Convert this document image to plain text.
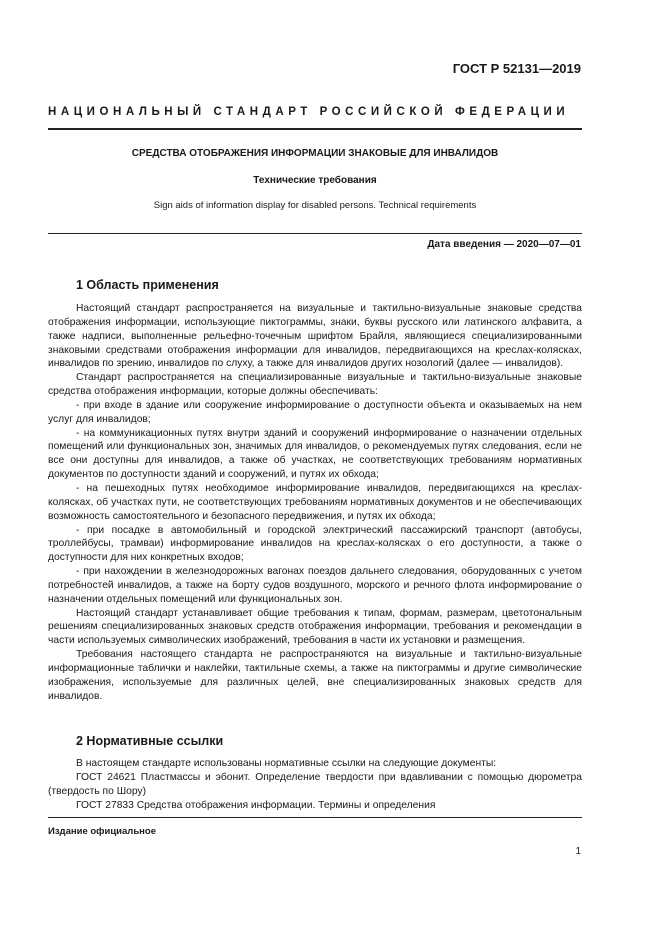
ГОСТ Р 52131—2019
НАЦИОНАЛЬНЫЙ СТАНДАРТ РОССИЙСКОЙ ФЕДЕРАЦИИ
СРЕДСТВА ОТОБРАЖЕНИЯ ИНФОРМАЦИИ ЗНАКОВЫЕ ДЛЯ ИНВАЛИДОВ
Технические требования
Sign aids of information display for disabled persons. Technical requirements
Дата введения — 2020—07—01
1 Область применения

Настоящий стандарт распространяется на визуальные и тактильно-визуальные знаковые средства отображения информации, использующие пиктограммы, знаки, буквы русского или латинского алфавита, а также надписи, выполненные рельефно-точечным шрифтом Брайля, являющиеся специализированными знаковыми средствами отображения информации для инвалидов, передвигающихся на креслах-колясках, инвалидов по зрению, инвалидов по слуху, а также для инвалидов других нозологий (далее — инвалидов).

Стандарт распространяется на специализированные визуальные и тактильно-визуальные знаковые средства отображения информации, которые должны обеспечивать:

- при входе в здание или сооружение информирование о доступности объекта и оказываемых на нем услуг для инвалидов;

- на коммуникационных путях внутри зданий и сооружений информирование о назначении отдельных помещений или функциональных зон, значимых для инвалидов, о рекомендуемых путях следования, если не все они доступны для инвалидов, а также об участках, не соответствующих требованиям нормативных документов по доступности зданий и сооружений, и путях их обхода;

- на пешеходных путях необходимое информирование инвалидов, передвигающихся на креслах-колясках, об участках пути, не соответствующих требованиям нормативных документов и не обеспечивающих возможность самостоятельного и безопасного передвижения, и путях их обхода;

- при посадке в автомобильный и городской электрический пассажирский транспорт (автобусы, троллейбусы, трамваи) информирование инвалидов на креслах-колясках о его доступности, а также о доступности для них конкретных входов;

- при нахождении в железнодорожных вагонах поездов дальнего следования, оборудованных с учетом потребностей инвалидов, а также на борту судов воздушного, морского и речного флота информирование о назначении отдельных помещений или функциональных зон.

Настоящий стандарт устанавливает общие требования к типам, формам, размерам, цветотональным решениям специализированных знаковых средств отображения информации, требования и рекомендации в части используемых символических изображений, требования в части их установки и размещения.

Требования настоящего стандарта не распространяются на визуальные и тактильно-визуальные информационные таблички и наклейки, тактильные схемы, а также на пиктограммы и другие символические изображения, используемые для различных целей, вне специализированных знаковых средств для инвалидов.

2 Нормативные ссылки

В настоящем стандарте использованы нормативные ссылки на следующие документы:

ГОСТ 24621 Пластмассы и эбонит. Определение твердости при вдавливании с помощью дюрометра (твердость по Шору)

ГОСТ 27833 Средства отображения информации. Термины и определения

Издание официальное
1
